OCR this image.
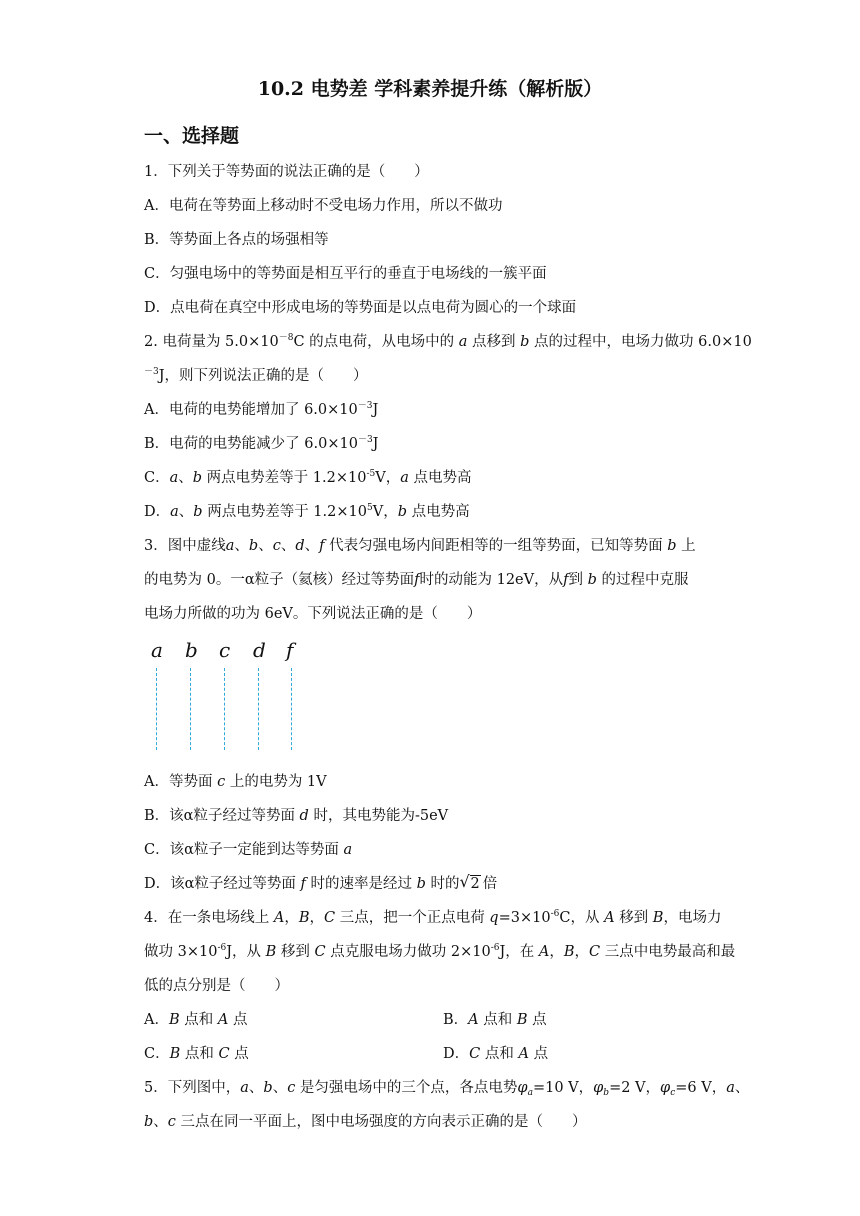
10.2 电势差 学科素养提升练（解析版）
一、选择题
1．下列关于等势面的说法正确的是（　　）
A．电荷在等势面上移动时不受电场力作用，所以不做功
B．等势面上各点的场强相等
C．匀强电场中的等势面是相互平行的垂直于电场线的一簇平面
D．点电荷在真空中形成电场的等势面是以点电荷为圆心的一个球面
2. 电荷量为 $5.0\times 10^{-8}C$ 的点电荷，从电场中的 a 点移到 b 点的过程中，电场力做功 6.0×10
$^{-3}$J，则下列说法正确的是（　　）
A．电荷的电势能增加了 $6.0\times 10^{-3}J$
B．电荷的电势能减少了 $6.0\times 10^{-3}J$
C．a、b 两点电势差等于 $1.2\times 10^{-5}V$，a 点电势高
D．a、b 两点电势差等于 $1.2\times 10^5V$，b 点电势高
3．图中虚线a、b、c、d、f 代表匀强电场内间距相等的一组等势面，已知等势面 b 上
的电势为 0。一α粒子（氦核）经过等势面f时的动能为 12eV，从f到 b 的过程中克服
电场力所做的功为 6eV。下列说法正确的是（　　）
a b c d f
A．等势面 c 上的电势为 1V
B．该α粒子经过等势面 d 时，其电势能为-5eV
C．该α粒子一定能到达等势面 a
D．该α粒子经过等势面 f 时的速率是经过 b 时的 √ 2 倍
4．在一条电场线上 A，B，C 三点，把一个正点电荷 $q=3\times 10^{-6}C$，从 A 移到 B，电场力
做功 $3\times 10^{-6}J$，从 B 移到 C 点克服电场力做功 $2\times 10^{-6}J$，在 A，B，C 三点中电势最高和最
低的点分别是（　　）
A．B 点和 A 点	B．A 点和 B 点
C．B 点和 C 点	D．C 点和 A 点
5．下列图中，a、b、c 是匀强电场中的三个点，各点电势$\varphi_a=10$ V，$\varphi_b=2$ V，$\varphi_c=6$ V，a、
b、c 三点在同一平面上，图中电场强度的方向表示正确的是（　　）
